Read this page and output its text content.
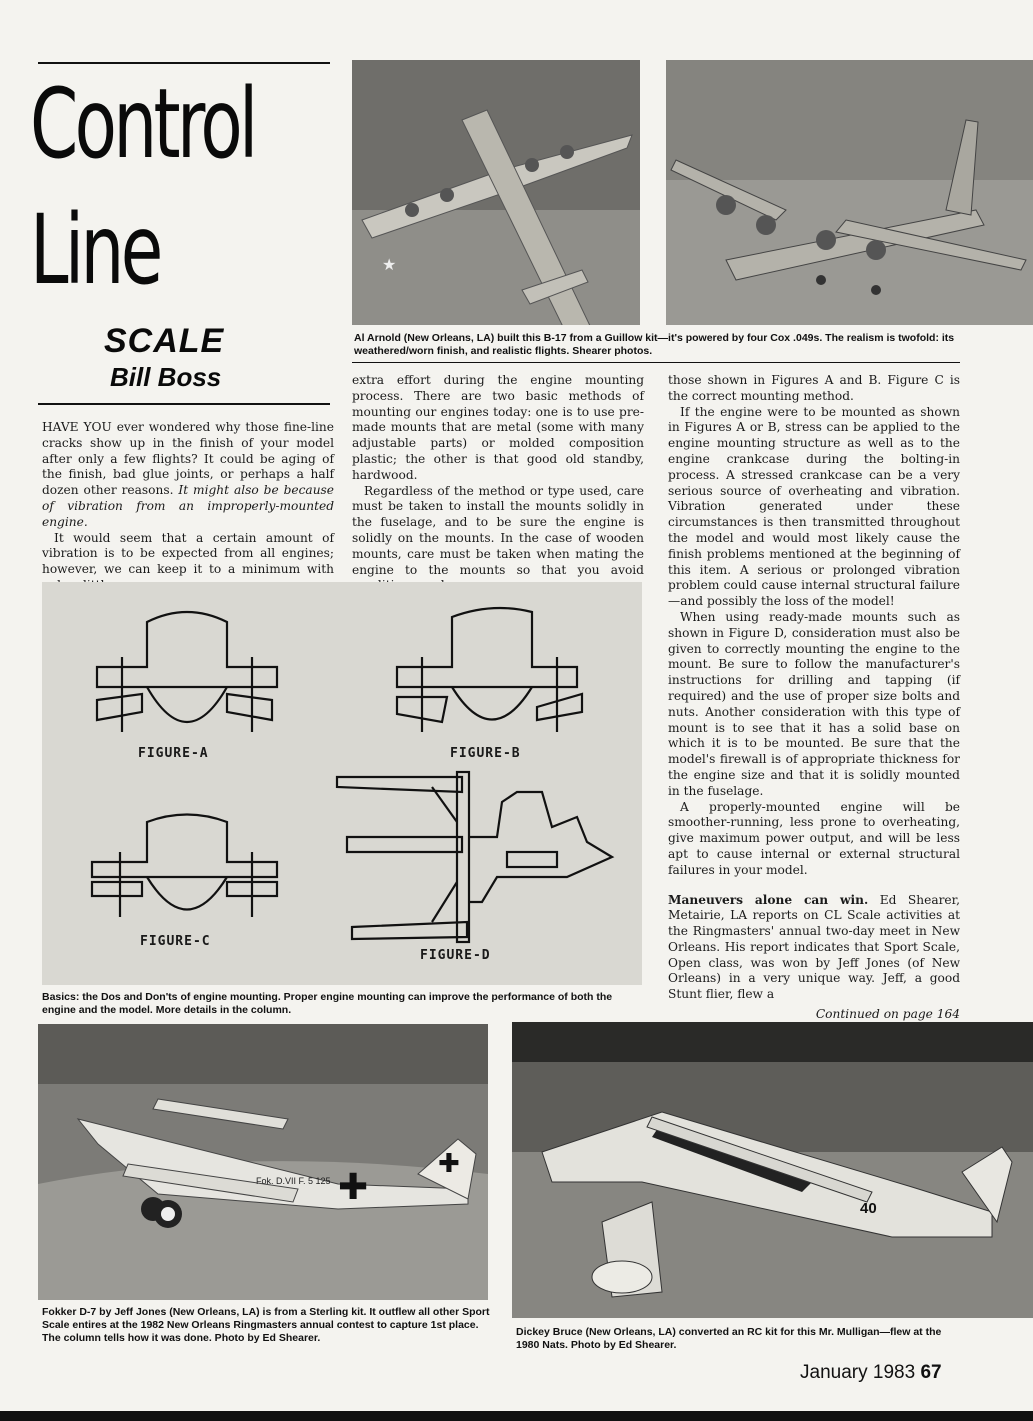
Control
Line
SCALE
Bill Boss
★
Al Arnold (New Orleans, LA) built this B-17 from a Guillow kit—it's powered by four Cox .049s. The realism is twofold: its weathered/worn finish, and realistic flights. Shearer photos.

HAVE YOU ever wondered why those fine-line cracks show up in the finish of your model after only a few flights? It could be aging of the finish, bad glue joints, or perhaps a half dozen other reasons. It might also be because of vibration from an improperly-mounted engine.

It would seem that a certain amount of vibration is to be expected from all engines; however, we can keep it to a minimum with

extra effort during the engine mounting process. There are two basic methods of mounting our engines today: one is to use pre-made mounts that are metal (some with many adjustable parts) or molded composition plastic; the other is that good old standby, hardwood.

Regardless of the method or type used, care must be taken to install the mounts solidly in the fuselage, and to be sure the engine is solidly on the mounts. In the case of wooden mounts, care must be taken when mating the engine to the mounts so that you avoid

those shown in Figures A and B. Figure C is the correct mounting method.

If the engine were to be mounted as shown in Figures A or B, stress can be applied to the engine mounting structure as well as to the engine crankcase during the bolting-in process. A stressed crankcase can be a very serious source of overheating and vibration. Vibration generated under these circumstances is then transmitted throughout the model and would most likely cause the finish problems mentioned at the beginning of this item. A serious or prolonged vibration problem could cause internal structural failure—and possibly the loss of the model!

When using ready-made mounts such as shown in Figure D, consideration must also be given to correctly mounting the engine to the mount. Be sure to follow the manufacturer's instructions for drilling and tapping (if required) and the use of proper size bolts and nuts. Another consideration with this type of mount is to see that it has a solid base on which it is to be mounted. Be sure that the model's firewall is of appropriate thickness for the engine size and that it is solidly mounted in the fuselage.

A properly-mounted engine will be smoother-running, less prone to overheating, give maximum power output, and will be less apt to cause internal or external structural failures in your model.

Maneuvers alone can win. Ed Shearer, Metairie, LA reports on CL Scale activities at the Ringmasters' annual two-day meet in New Orleans. His report indicates that Sport Scale, Open class, was won by Jeff Jones (of New Orleans) in a very unique way. Jeff, a good Stunt flier, flew a

Continued on page 164

FIGURE-A	FIGURE-B
FIGURE-C
FIGURE-D
Basics: the Dos and Don'ts of engine mounting. Proper engine mounting can improve the performance of both the engine and the model. More details in the column.
✚
✚
Fok. D.VII F. 5 125
Fokker D-7 by Jeff Jones (New Orleans, LA) is from a Sterling kit. It outflew all other Sport Scale entires at the 1982 New Orleans Ringmasters annual contest to capture 1st place. The column tells how it was done. Photo by Ed Shearer.
40
Dickey Bruce (New Orleans, LA) converted an RC kit for this Mr. Mulligan—flew at the 1980 Nats. Photo by Ed Shearer.
January 1983 67
